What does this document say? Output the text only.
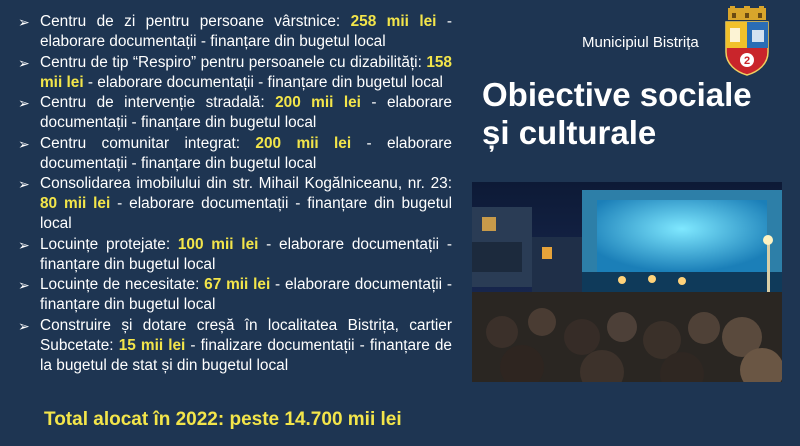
➢ Centru de zi pentru persoane vârstnice: 258 mii lei - elaborare documentații - finanțare din bugetul local
➢ Centru de tip “Respiro” pentru persoanele cu dizabilități: 158 mii lei - elaborare documentații - finanțare din bugetul local
➢ Centru de intervenție stradală: 200 mii lei - elaborare documentații - finanțare din bugetul local
➢ Centru comunitar integrat: 200 mii lei - elaborare documentații - finanțare din bugetul local
➢ Consolidarea imobilului din str. Mihail Kogălniceanu, nr. 23: 80 mii lei - elaborare documentații - finanțare din bugetul local
➢ Locuințe protejate: 100 mii lei - elaborare documentații - finanțare din bugetul local
➢ Locuințe de necesitate: 67 mii lei - elaborare documentații - finanțare din bugetul local
➢ Construire și dotare creșă în localitatea Bistrița, cartier Subcetate: 15 mii lei - finalizare documentații - finanțare de la bugetul de stat și din bugetul local
Total alocat în 2022: peste 14.700 mii lei
Municipiul Bistrița
2
Obiective sociale
și culturale
